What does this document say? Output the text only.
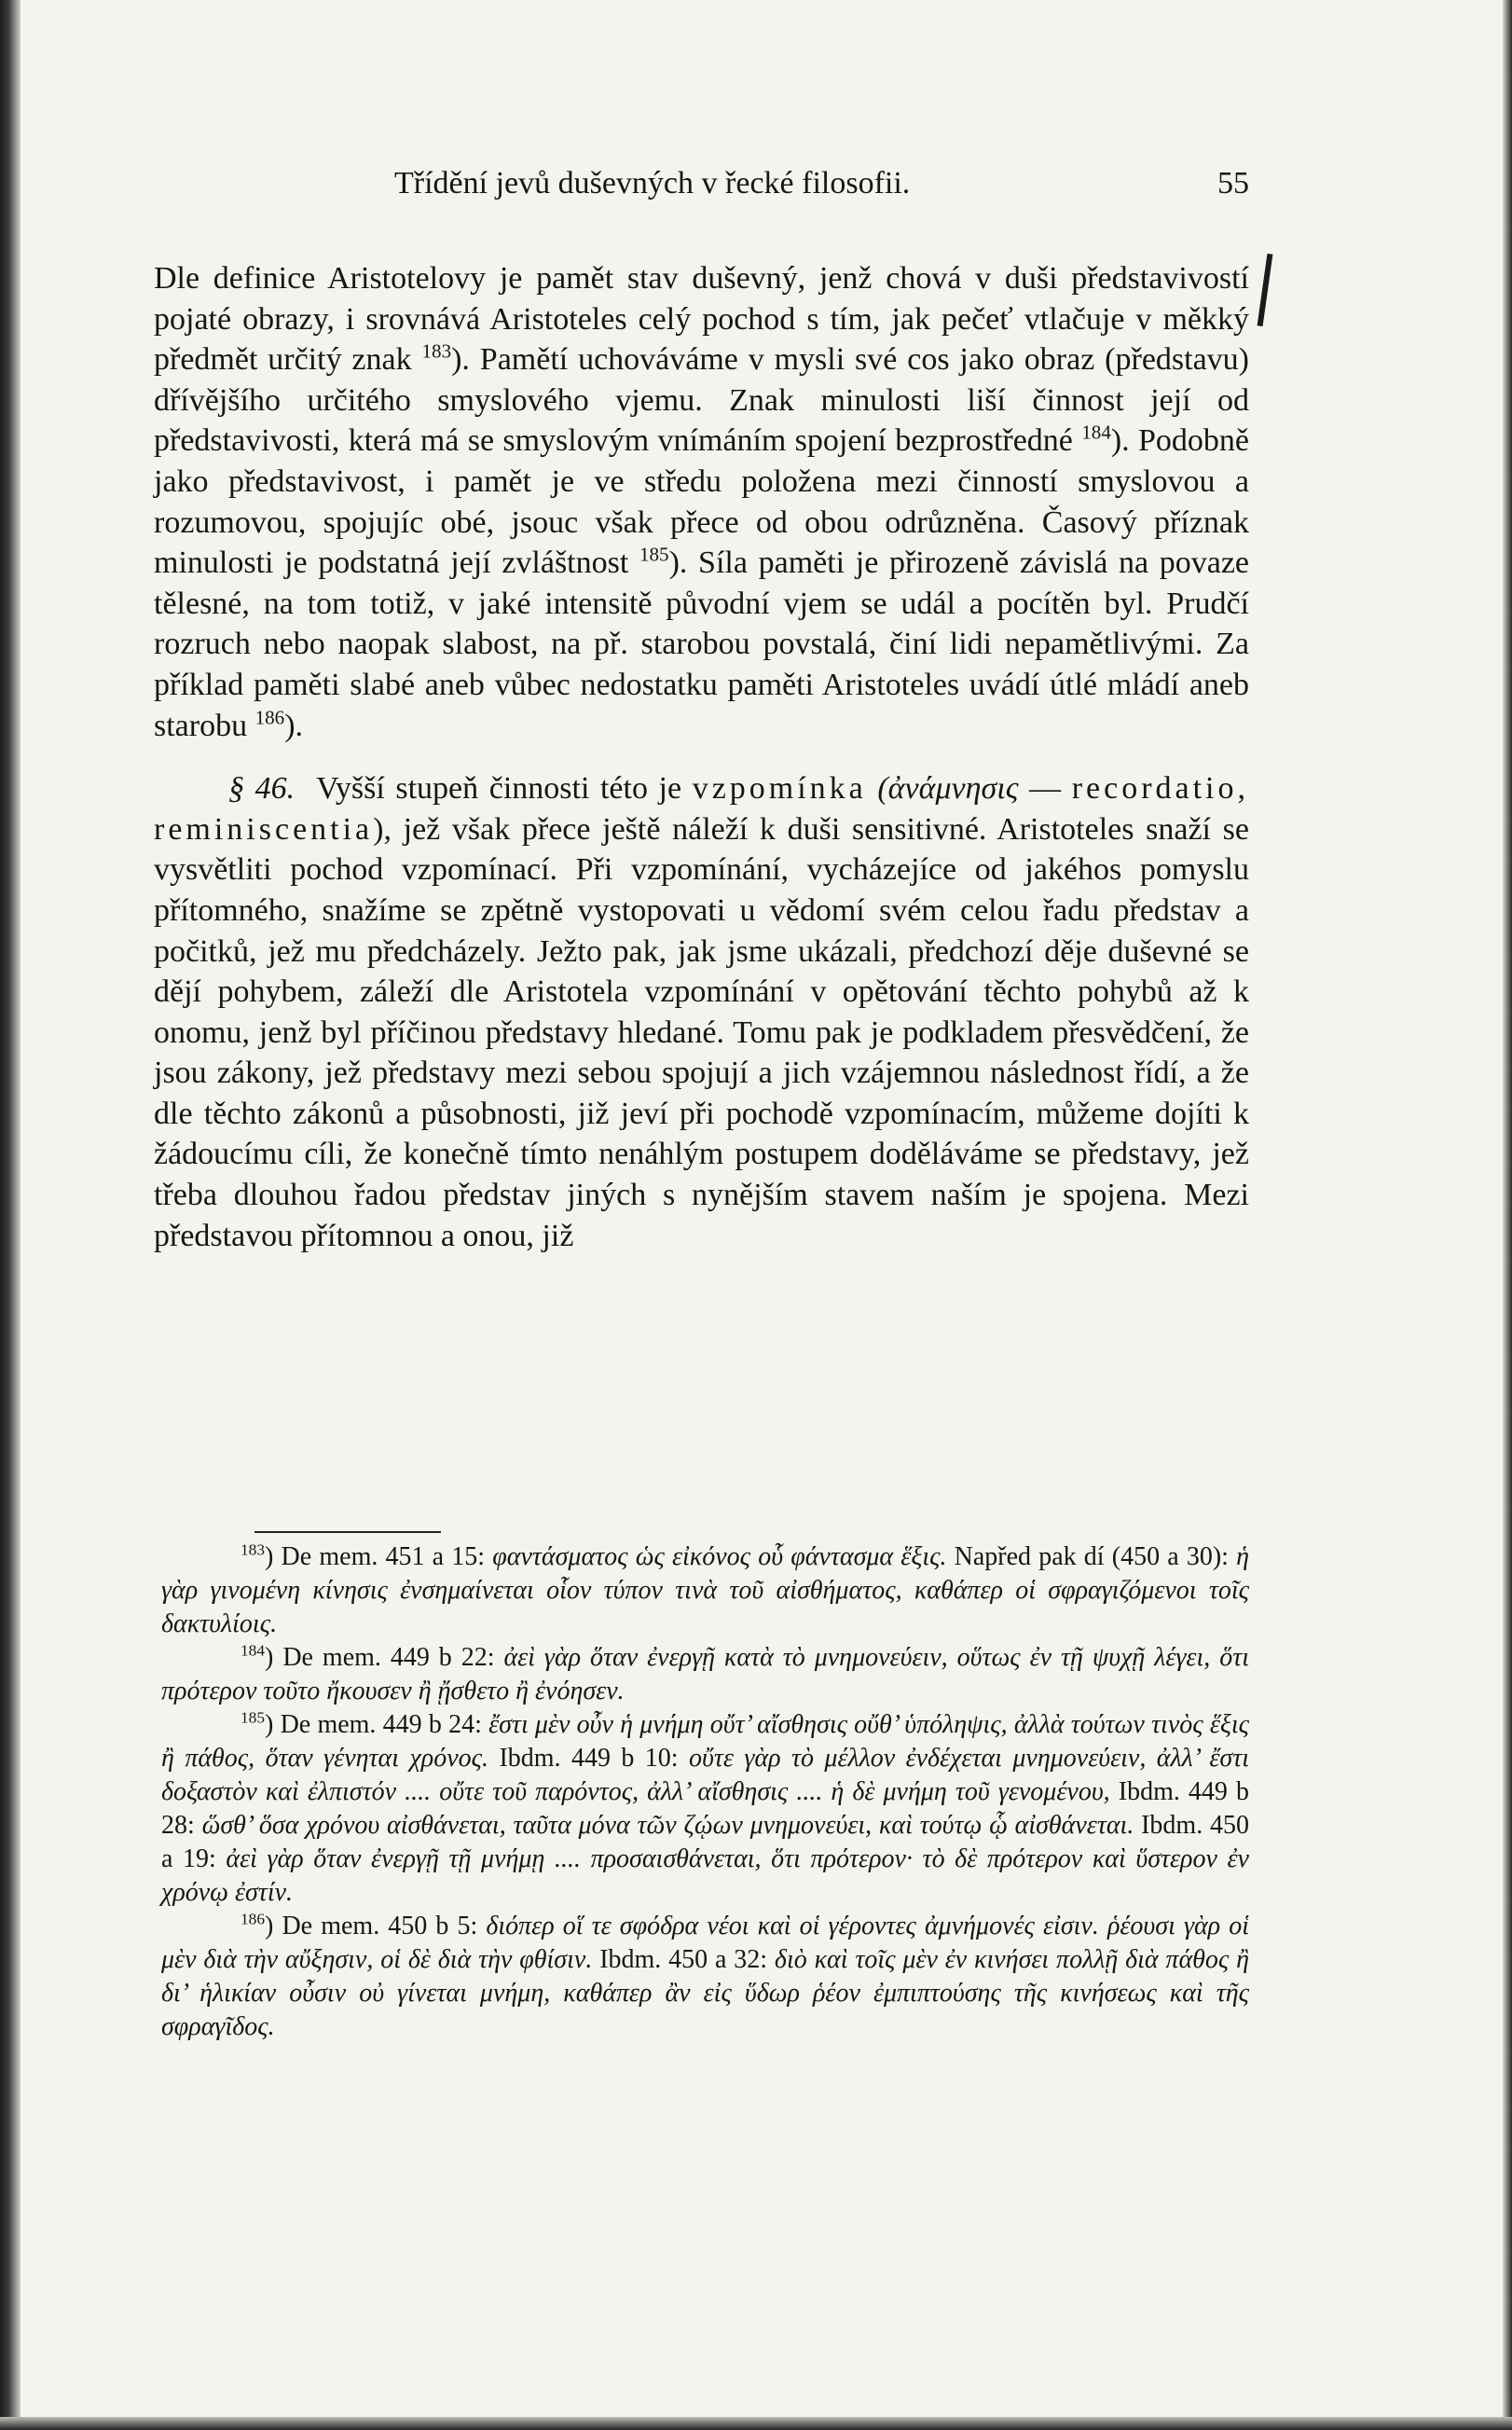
Třídění jevů duševných v řecké filosofii.	55

Dle definice Aristotelovy je pamět stav duševný, jenž chová v duši představivostí pojaté obrazy, i srovnává Aristoteles celý pochod s tím, jak pečeť vtlačuje v měkký předmět určitý znak $^{183}$). Pamětí uchováváme v mysli své cos jako obraz (představu) dřívějšího určitého smyslového vjemu. Znak minulosti liší činnost její od představivosti, která má se smyslovým vnímáním spojení bezprostředné $^{184}$). Podobně jako představivost, i pamět je ve středu položena mezi činností smyslovou a rozumovou, spojujíc obé, jsouc však přece od obou odrůzněna. Časový příznak minulosti je podstatná její zvláštnost $^{185}$). Síla paměti je přirozeně závislá na povaze tělesné, na tom totiž, v jaké intensitě původní vjem se udál a pocítěn byl. Prudčí rozruch nebo naopak slabost, na př. starobou povstalá, činí lidi nepamětlivými. Za příklad paměti slabé aneb vůbec nedostatku paměti Aristoteles uvádí útlé mládí aneb starobu $^{186}$).

§ 46. Vyšší stupeň činnosti této je vzpomínka (ἀνάμνησις — recordatio, reminiscentia), jež však přece ještě náleží k duši sensitivné. Aristoteles snaží se vysvětliti pochod vzpomínací. Při vzpomínání, vycházejíce od jakéhos pomyslu přítomného, snažíme se zpětně vystopovati u vědomí svém celou řadu představ a počitků, jež mu předcházely. Ježto pak, jak jsme ukázali, předchozí děje duševné se dějí pohybem, záleží dle Aristotela vzpomínání v opětování těchto pohybů až k onomu, jenž byl příčinou představy hledané. Tomu pak je podkladem přesvědčení, že jsou zákony, jež představy mezi sebou spojují a jich vzájemnou následnost řídí, a že dle těchto zákonů a působnosti, již jeví při pochodě vzpomínacím, můžeme dojíti k žádoucímu cíli, že konečně tímto nenáhlým postupem doděláváme se představy, jež třeba dlouhou řadou představ jiných s nynějším stavem naším je spojena. Mezi představou přítomnou a onou, již

$^{183}$) De mem. 451 a 15: φαντάσματος ὡς εἰκόνος οὗ φάντασμα ἕξις. Napřed pak dí (450 a 30): ἡ γὰρ γινομένη κίνησις ἐνσημαίνεται οἷον τύπον τινὰ τοῦ αἰσθήματος, καθάπερ οἱ σφραγιζόμενοι τοῖς δακτυλίοις.

$^{184}$) De mem. 449 b 22: ἀεὶ γὰρ ὅταν ἐνεργῇ κατὰ τὸ μνημονεύειν, οὕτως ἐν τῇ ψυχῇ λέγει, ὅτι πρότερον τοῦτο ἤκουσεν ἢ ᾔσθετο ἢ ἐνόησεν.

$^{185}$) De mem. 449 b 24: ἔστι μὲν οὖν ἡ μνήμη οὔτ’ αἴσθησις οὔθ’ ὑπόληψις, ἀλλὰ τούτων τινὸς ἕξις ἢ πάθος, ὅταν γένηται χρόνος. Ibdm. 449 b 10: οὔτε γὰρ τὸ μέλλον ἐνδέχεται μνημονεύειν, ἀλλ’ ἔστι δοξαστὸν καὶ ἐλπιστόν .... οὔτε τοῦ παρόντος, ἀλλ’ αἴσθησις .... ἡ δὲ μνήμη τοῦ γενομένου, Ibdm. 449 b 28: ὥσθ’ ὅσα χρόνου αἰσθάνεται, ταῦτα μόνα τῶν ζῴων μνημονεύει, καὶ τούτῳ ᾧ αἰσθάνεται. Ibdm. 450 a 19: ἀεὶ γὰρ ὅταν ἐνεργῇ τῇ μνήμῃ .... προσαισθάνεται, ὅτι πρότερον· τὸ δὲ πρότερον καὶ ὕστερον ἐν χρόνῳ ἐστίν.

$^{186}$) De mem. 450 b 5: διόπερ οἵ τε σφόδρα νέοι καὶ οἱ γέροντες ἀμνήμονές εἰσιν. ῥέουσι γὰρ οἱ μὲν διὰ τὴν αὔξησιν, οἱ δὲ διὰ τὴν φθίσιν. Ibdm. 450 a 32: διὸ καὶ τοῖς μὲν ἐν κινήσει πολλῇ διὰ πάθος ἢ δι’ ἡλικίαν οὖσιν οὐ γίνεται μνήμη, καθάπερ ἂν εἰς ὕδωρ ῥέον ἐμπιπτούσης τῆς κινήσεως καὶ τῆς σφραγῖδος.
